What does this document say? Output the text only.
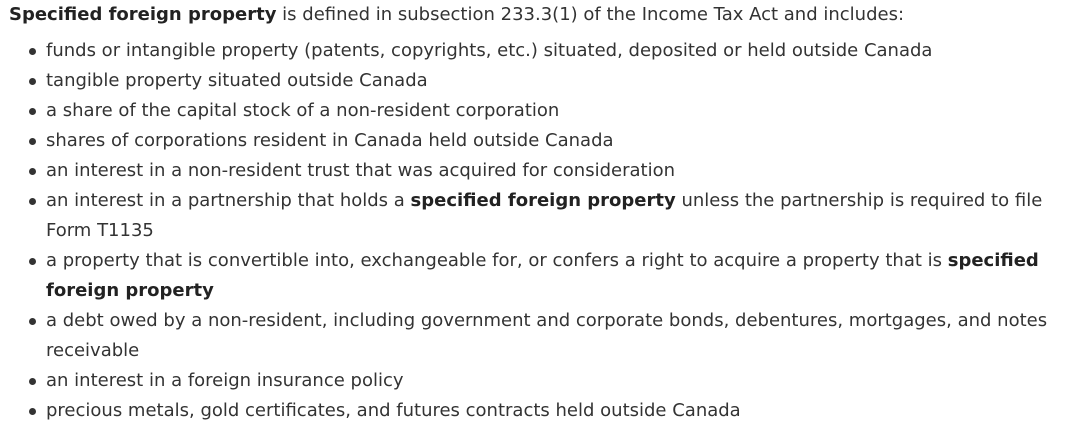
Specified foreign property is defined in subsection 233.3(1) of the Income Tax Act and includes:

funds or intangible property (patents, copyrights, etc.) situated, deposited or held outside Canada
tangible property situated outside Canada
a share of the capital stock of a non-resident corporation
shares of corporations resident in Canada held outside Canada
an interest in a non-resident trust that was acquired for consideration
an interest in a partnership that holds a specified foreign property unless the partnership is required to file Form T1135
a property that is convertible into, exchangeable for, or confers a right to acquire a property that is specified foreign property
a debt owed by a non-resident, including government and corporate bonds, debentures, mortgages, and notes receivable
an interest in a foreign insurance policy
precious metals, gold certificates, and futures contracts held outside Canada
